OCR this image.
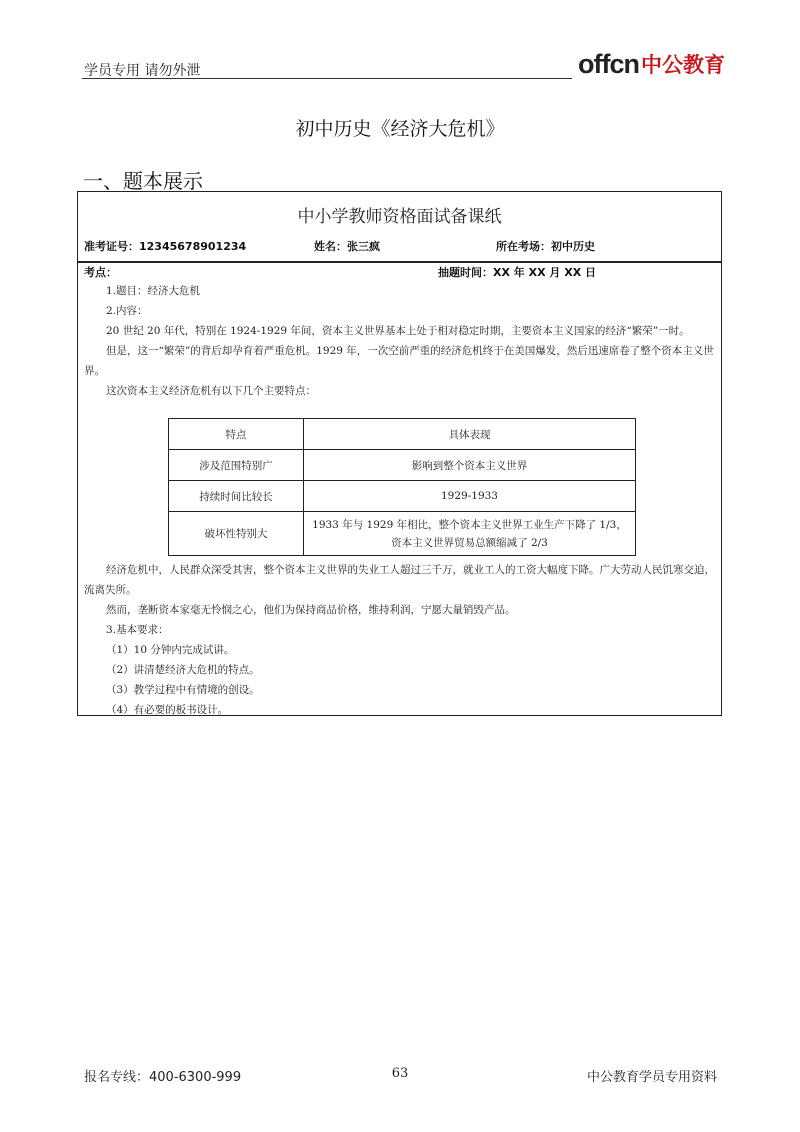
学员专用 请勿外泄	offcn 中公教育
初中历史《经济大危机》
一、题本展示
中小学教师资格面试备课纸
准考证号：12345678901234	姓名：张三疯	所在考场：初中历史
考点：	抽题时间：XX 年 XX 月 XX 日

1.题目：经济大危机

2.内容：

20 世纪 20 年代，特别在 1924-1929 年间，资本主义世界基本上处于相对稳定时期，主要资本主义国家的经济“繁荣”一时。

但是，这一“繁荣”的背后却孕育着严重危机。1929 年，一次空前严重的经济危机终于在美国爆发，然后迅速席卷了整个资本主义世界。

这次资本主义经济危机有以下几个主要特点：

特点	具体表现
涉及范围特别广	影响到整个资本主义世界
持续时间比较长	1929-1933
破坏性特别大	1933 年与 1929 年相比，整个资本主义世界工业生产下降了 1/3，资本主义世界贸易总额缩减了 2/3

经济危机中，人民群众深受其害，整个资本主义世界的失业工人超过三千万，就业工人的工资大幅度下降。广大劳动人民饥寒交迫，流离失所。

然而，垄断资本家毫无怜悯之心，他们为保持商品价格，维持利润，宁愿大量销毁产品。

3.基本要求：

（1）10 分钟内完成试讲。

（2）讲清楚经济大危机的特点。

（3）教学过程中有情境的创设。

（4）有必要的板书设计。

报名专线：400-6300-999	63	中公教育学员专用资料
